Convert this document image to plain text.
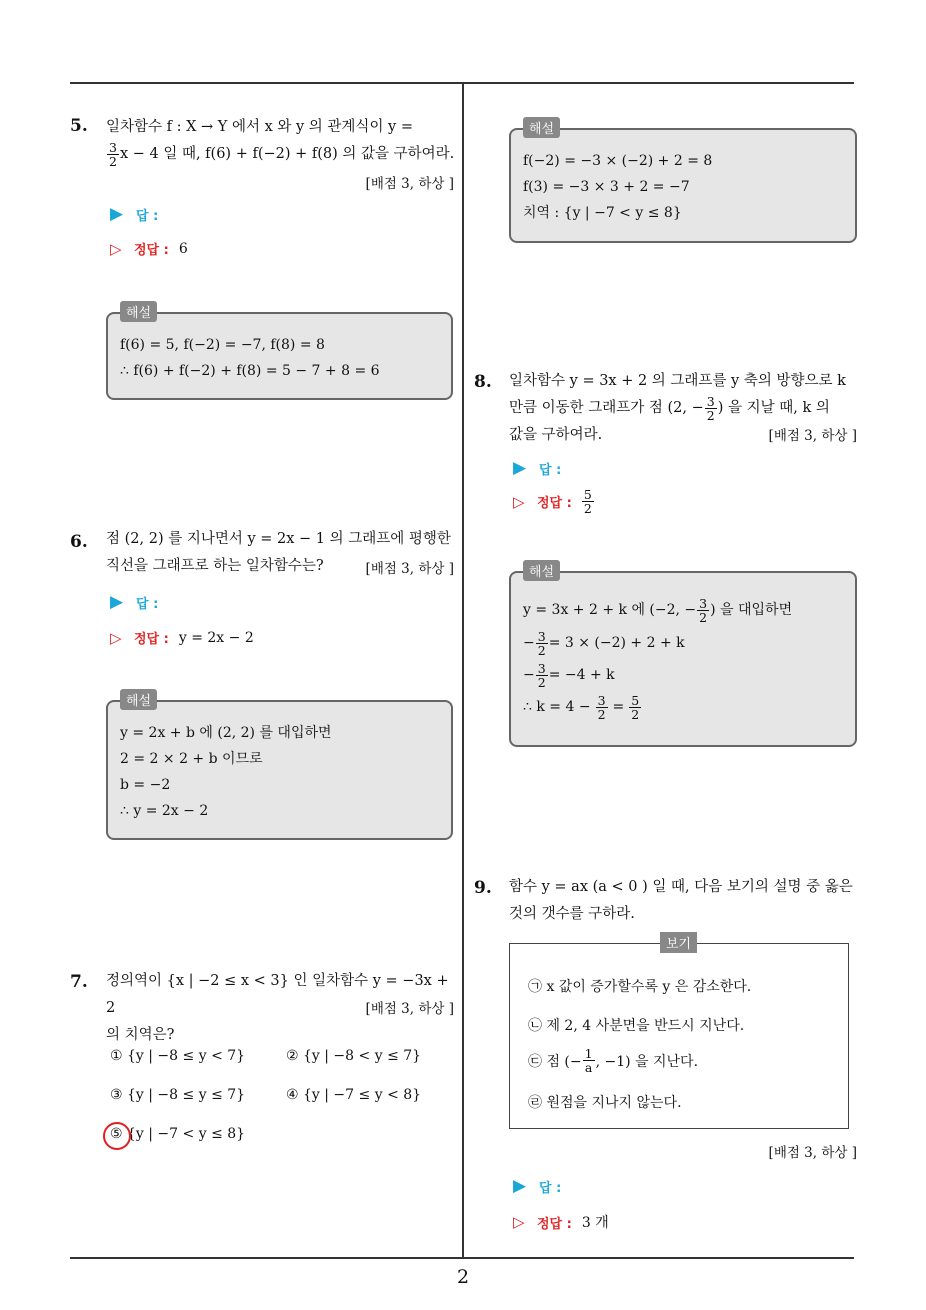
2
5. 일차함수 f : X → Y 에서 x 와 y 의 관계식이 y =
$\frac{3}{2}$ x − 4 일 때, f(6) + f(−2) + f(8) 의 값을 구하여라.
[배점 3, 하상 ]
▶ 답 :
▷ 정답 : 6
해설
f(6) = 5, f(−2) = −7, f(8) = 8
∴ f(6) + f(−2) + f(8) = 5 − 7 + 8 = 6
6. 점 (2, 2) 를 지나면서 y = 2x − 1 의 그래프에 평행한
직선을 그래프로 하는 일차함수는?	[배점 3, 하상 ]
▶ 답 :
▷ 정답 : y = 2x − 2
해설
y = 2x + b 에 (2, 2) 를 대입하면
2 = 2 × 2 + b 이므로
b = −2
∴ y = 2x − 2
7. 정의역이 {x | −2 ≤ x < 3} 인 일차함수 y = −3x + 2
의 치역은?
[배점 3, 하상 ]
① {y | −8 ≤ y < 7}	② {y | −8 < y ≤ 7}
③ {y | −8 ≤ y ≤ 7}	④ {y | −7 ≤ y < 8}
⑤ {y | −7 < y ≤ 8}
해설
f(−2) = −3 × (−2) + 2 = 8
f(3) = −3 × 3 + 2 = −7
치역 : {y | −7 < y ≤ 8}
8. 일차함수 y = 3x + 2 의 그래프를 y 축의 방향으로 k
만큼 이동한 그래프가 점 (2, − $\frac{3}{2}$ ) 을 지날 때, k 의
값을 구하여라.	[배점 3, 하상 ]
▶ 답 :
▷ 정답 : $\frac{5}{2}$
해설
y = 3x + 2 + k 에 (−2, − $\frac{3}{2}$ ) 을 대입하면
− $\frac{3}{2} = 3 \times (-2) + 2 + k$
− $\frac{3}{2} = -4 + k$
∴ $k = 4 - \frac{3}{2} = \frac{5}{2}$
9. 함수 y = ax (a < 0 ) 일 때, 다음 보기의 설명 중 옳은
것의 갯수를 구하라.
보기
㉠ x 값이 증가할수록 y 은 감소한다.
㉡ 제 2, 4 사분면을 반드시 지난다.
㉢ 점 (− $\frac{1}{a}$ , −1) 을 지난다.
㉣ 원점을 지나지 않는다.
[배점 3, 하상 ]
▶ 답 :
▷ 정답 : 3 개
